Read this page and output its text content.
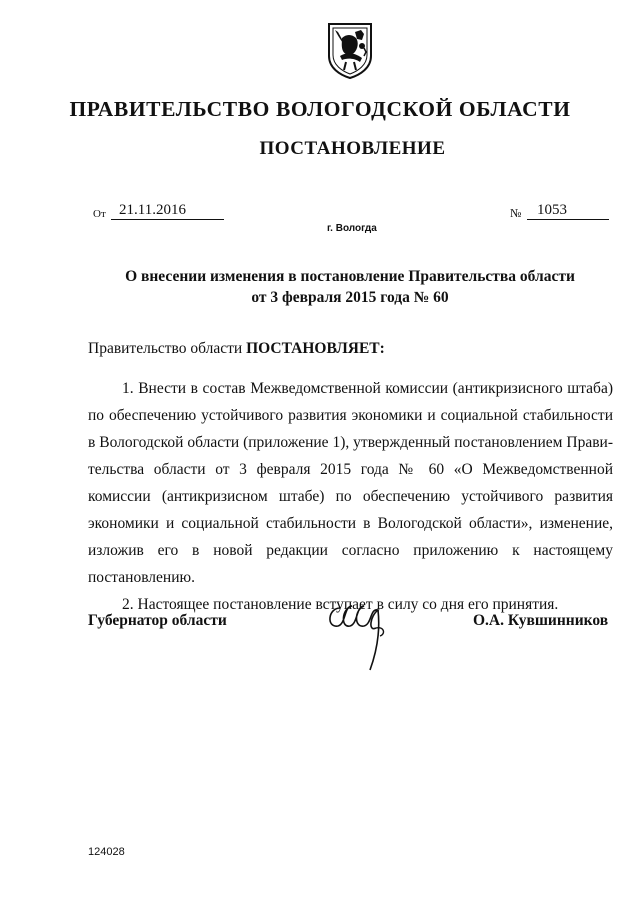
ПРАВИТЕЛЬСТВО ВОЛОГОДСКОЙ ОБЛАСТИ
ПОСТАНОВЛЕНИЕ
От 21.11.2016	№	1053
г. Вологда
О внесении изменения в постановление Правительства области
от 3 февраля 2015 года № 60
Правительство области ПОСТАНОВЛЯЕТ:

1. Внести в состав Межведомственной комиссии (антикризисного штаба) по обеспечению устойчивого развития экономики и социальной стабильности в Вологодской области (приложение 1), утвержденный постановлением Правительства области от 3 февраля 2015 года № 60 «О Межведомственной комиссии (антикризисном штабе) по обеспечению устойчивого развития экономики и социальной стабильности в Вологодской области», изменение, изложив его в новой редакции согласно приложению к настоящему постановлению.

2. Настоящее постановление вступает в силу со дня его принятия.

Губернатор области	О.А. Кувшинников
124028
